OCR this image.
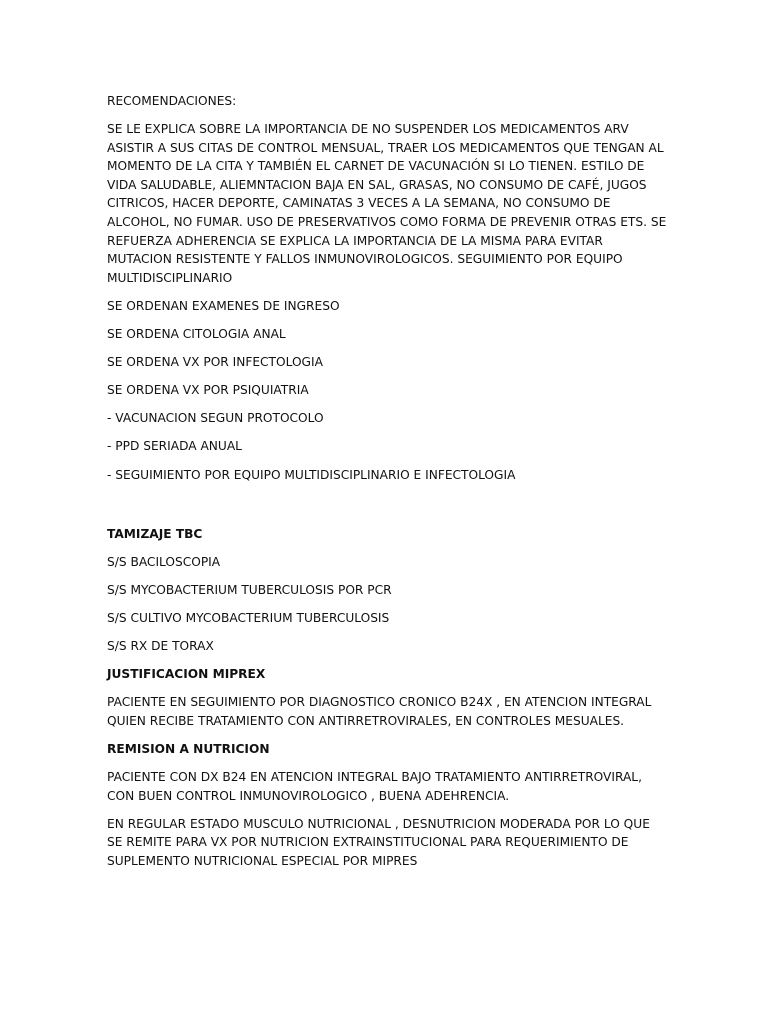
RECOMENDACIONES:

SE LE EXPLICA SOBRE LA IMPORTANCIA DE NO SUSPENDER LOS MEDICAMENTOS ARV ASISTIR A SUS CITAS DE CONTROL MENSUAL, TRAER LOS MEDICAMENTOS QUE TENGAN AL MOMENTO DE LA CITA Y TAMBIÉN EL CARNET DE VACUNACIÓN SI LO TIENEN. ESTILO DE VIDA SALUDABLE, ALIEMNTACION BAJA EN SAL, GRASAS, NO CONSUMO DE CAFÉ, JUGOS CITRICOS, HACER DEPORTE, CAMINATAS 3 VECES A LA SEMANA, NO CONSUMO DE ALCOHOL, NO FUMAR. USO DE PRESERVATIVOS COMO FORMA DE PREVENIR OTRAS ETS. SE REFUERZA ADHERENCIA SE EXPLICA LA IMPORTANCIA DE LA MISMA PARA EVITAR MUTACION RESISTENTE Y FALLOS INMUNOVIROLOGICOS. SEGUIMIENTO POR EQUIPO MULTIDISCIPLINARIO

SE ORDENAN EXAMENES DE INGRESO

SE ORDENA CITOLOGIA ANAL

SE ORDENA VX POR INFECTOLOGIA

SE ORDENA VX POR PSIQUIATRIA

- VACUNACION SEGUN PROTOCOLO

- PPD SERIADA ANUAL

- SEGUIMIENTO POR EQUIPO MULTIDISCIPLINARIO E INFECTOLOGIA

TAMIZAJE TBC

S/S BACILOSCOPIA

S/S MYCOBACTERIUM TUBERCULOSIS POR PCR

S/S CULTIVO MYCOBACTERIUM TUBERCULOSIS

S/S RX DE TORAX

JUSTIFICACION MIPREX

PACIENTE EN SEGUIMIENTO POR DIAGNOSTICO CRONICO B24X , EN ATENCION INTEGRAL QUIEN RECIBE TRATAMIENTO CON ANTIRRETROVIRALES, EN CONTROLES MESUALES.

REMISION A NUTRICION

PACIENTE CON DX B24 EN ATENCION INTEGRAL BAJO TRATAMIENTO ANTIRRETROVIRAL, CON BUEN CONTROL INMUNOVIROLOGICO , BUENA ADEHRENCIA.

EN REGULAR ESTADO MUSCULO NUTRICIONAL , DESNUTRICION MODERADA POR LO QUE SE REMITE PARA VX POR NUTRICION EXTRAINSTITUCIONAL PARA REQUERIMIENTO DE SUPLEMENTO NUTRICIONAL ESPECIAL POR MIPRES
